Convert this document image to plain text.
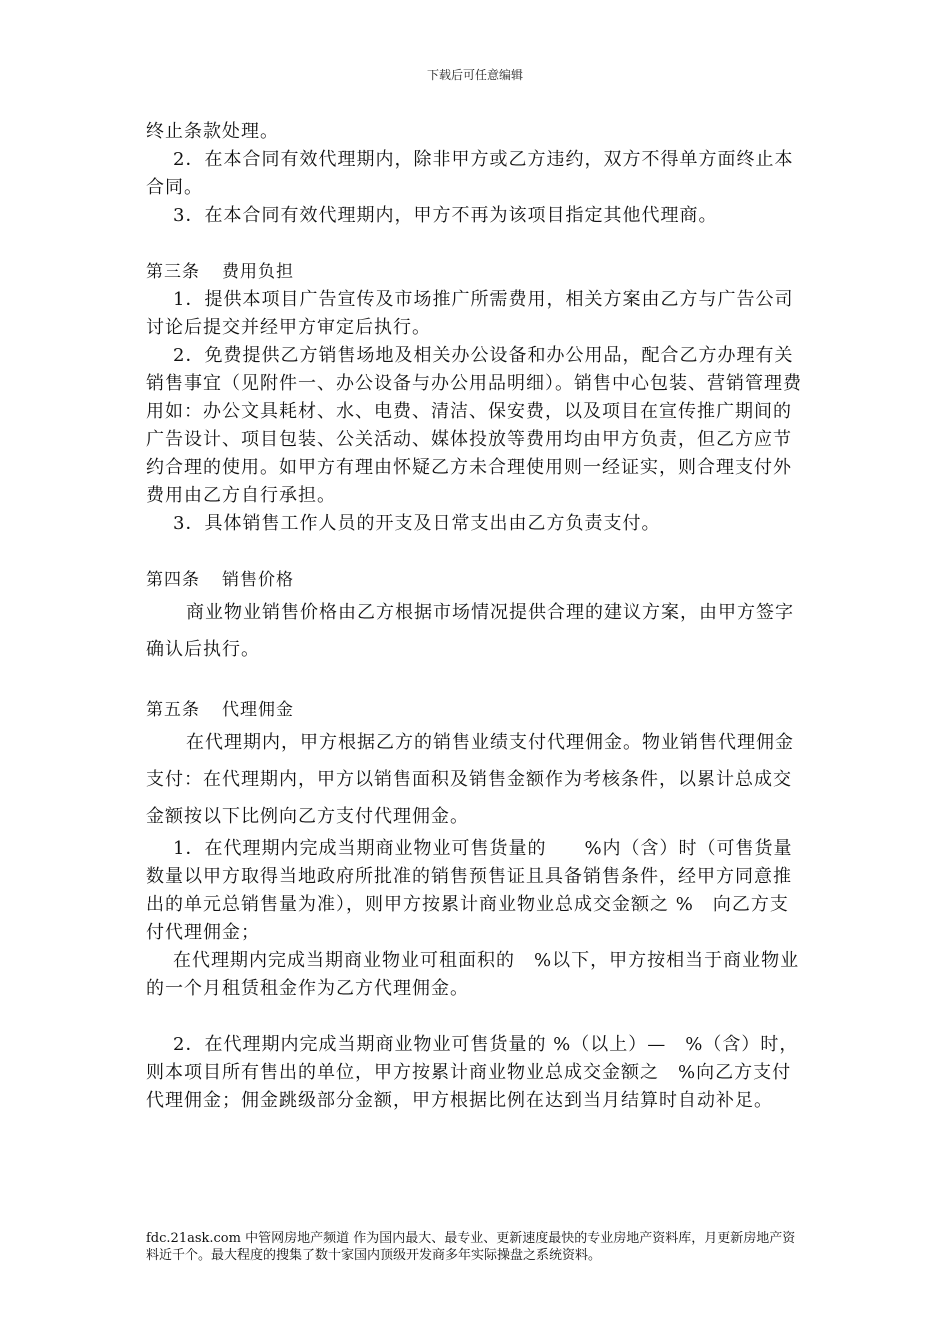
下载后可任意编辑

终止条款处理。

2．在本合同有效代理期内，除非甲方或乙方违约，双方不得单方面终止本合同。

3．在本合同有效代理期内，甲方不再为该项目指定其他代理商。

第三条 费用负担

1．提供本项目广告宣传及市场推广所需费用，相关方案由乙方与广告公司讨论后提交并经甲方审定后执行。

2．免费提供乙方销售场地及相关办公设备和办公用品，配合乙方办理有关销售事宜（见附件一、办公设备与办公用品明细）。销售中心包装、营销管理费用如：办公文具耗材、水、电费、清洁、保安费，以及项目在宣传推广期间的广告设计、项目包装、公关活动、媒体投放等费用均由甲方负责，但乙方应节约合理的使用。如甲方有理由怀疑乙方未合理使用则一经证实，则合理支付外费用由乙方自行承担。

3．具体销售工作人员的开支及日常支出由乙方负责支付。

第四条 销售价格

商业物业销售价格由乙方根据市场情况提供合理的建议方案，由甲方签字确认后执行。

第五条 代理佣金

在代理期内，甲方根据乙方的销售业绩支付代理佣金。物业销售代理佣金支付：在代理期内，甲方以销售面积及销售金额作为考核条件，以累计总成交金额按以下比例向乙方支付代理佣金。

1．在代理期内完成当期商业物业可售货量的　　%内（含）时（可售货量数量以甲方取得当地政府所批准的销售预售证且具备销售条件，经甲方同意推出的单元总销售量为准），则甲方按累计商业物业总成交金额之 %　向乙方支付代理佣金；

在代理期内完成当期商业物业可租面积的　%以下，甲方按相当于商业物业的一个月租赁租金作为乙方代理佣金。

2．在代理期内完成当期商业物业可售货量的 %（以上）—　%（含）时，则本项目所有售出的单位，甲方按累计商业物业总成交金额之　%向乙方支付代理佣金；佣金跳级部分金额，甲方根据比例在达到当月结算时自动补足。

fdc.21ask.com 中管网房地产频道 作为国内最大、最专业、更新速度最快的专业房地产资料库，月更新房地产资料近千个。最大程度的搜集了数十家国内顶级开发商多年实际操盘之系统资料。
